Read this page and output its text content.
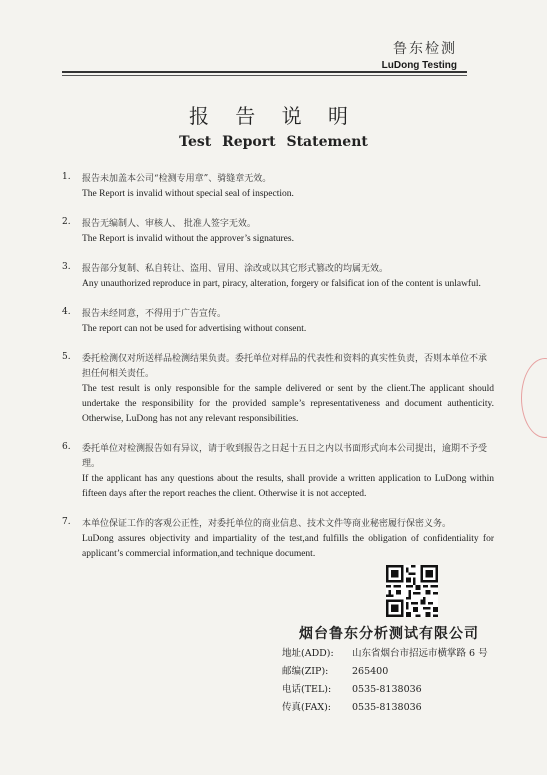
鲁东检测
LuDong Testing
报 告 说 明
Test Report Statement
1. 报告未加盖本公司“检测专用章”、骑缝章无效。
The Report is invalid without special seal of inspection.
2. 报告无编制人、审核人、 批准人签字无效。
The Report is invalid without the approver’s signatures.
3. 报告部分复制、私自转让、盗用、冒用、涂改或以其它形式篡改的均属无效。
Any unauthorized reproduce in part, piracy, alteration, forgery or falsificat ion of the content is unlawful.
4. 报告未经同意，不得用于广告宣传。
The report can not be used for advertising without consent.
5. 委托检测仅对所送样品检测结果负责。委托单位对样品的代表性和资料的真实性负责，否则本单位不承担任何相关责任。
The test result is only responsible for the sample delivered or sent by the client.The applicant should undertake the responsibility for the provided sample’s representativeness and document authenticity. Otherwise, LuDong has not any relevant responsibilities.
6. 委托单位对检测报告如有异议，请于收到报告之日起十五日之内以书面形式向本公司提出，逾期不予受理。
If the applicant has any questions about the results, shall provide a written application to LuDong within fifteen days after the report reaches the client. Otherwise it is not accepted.
7. 本单位保证工作的客观公正性，对委托单位的商业信息、技术文件等商业秘密履行保密义务。
LuDong assures objectivity and impartiality of the test,and fulfills the obligation of confidentiality for applicant’s commercial information,and technique document.
烟台鲁东分析测试有限公司
地址(ADD): 山东省烟台市招远市横掌路 6 号
邮编(ZIP): 265400
电话(TEL): 0535-8138036
传真(FAX): 0535-8138036
